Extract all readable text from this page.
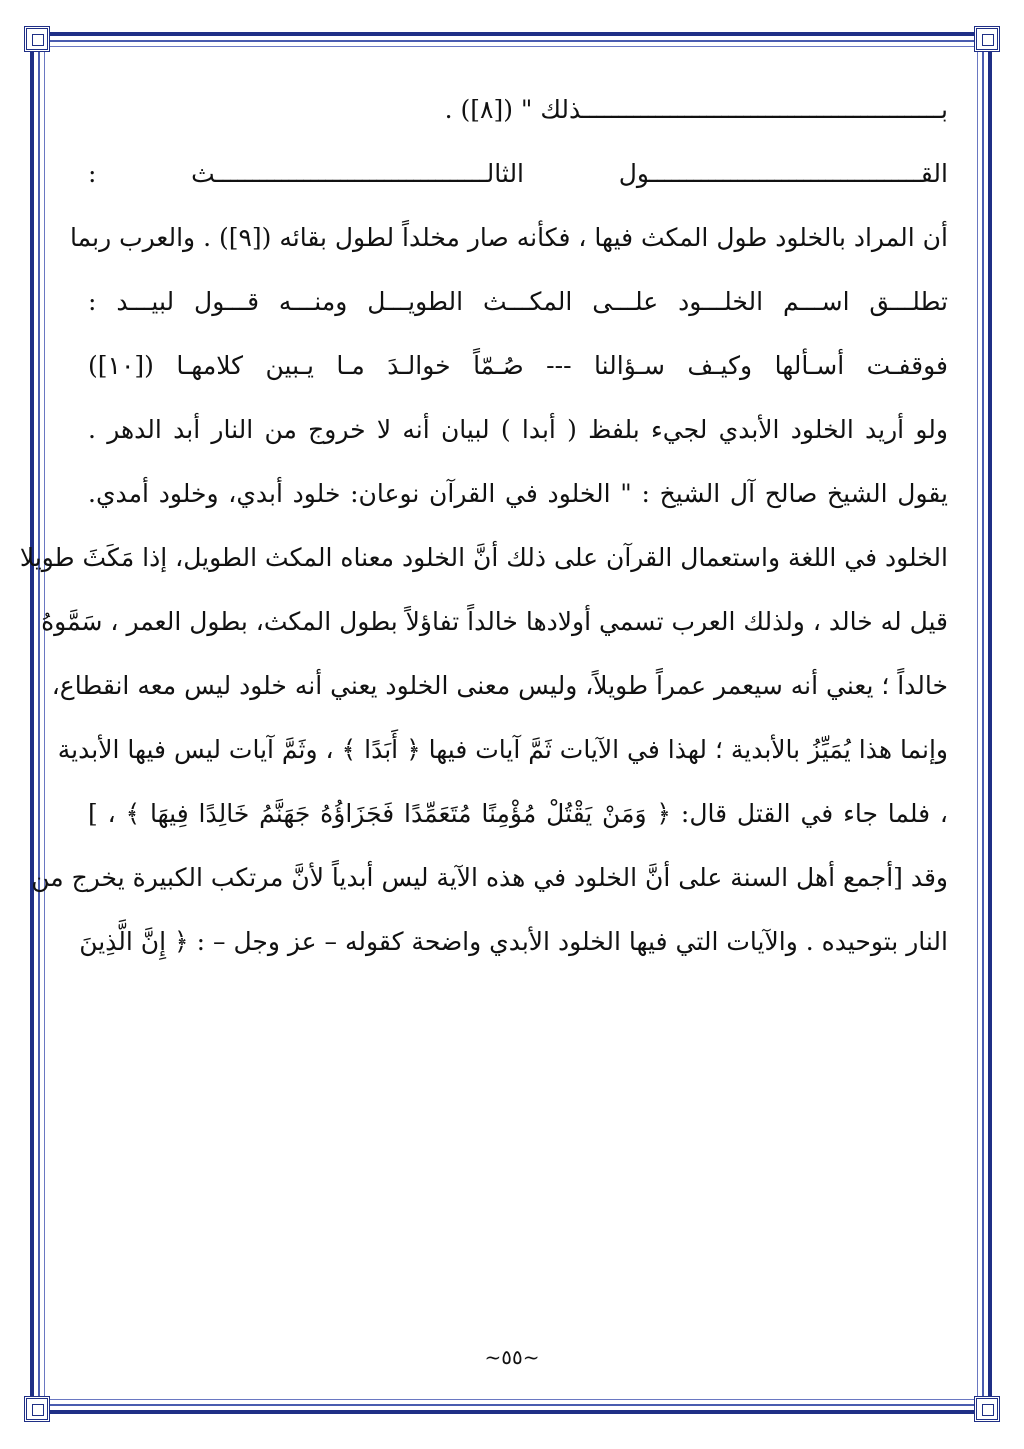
بـــــــــــــــــــــــــــــــــــــــــــــــــذلك " ([٨]) .
القـــــــــــــــــــــــــــــــــــــول الثالـــــــــــــــــــــــــــــــــــــث :
أن المراد بالخلود طول المكث فيها ، فكأنه صار مخلداً لطول بقائه ([٩]) . والعرب ربما
تطلـــق اســـم الخلـــود علـــى المكـــث الطويـــل ومنـــه قـــول لبيـــد :
فوقفـت أسـألها وكيـف سـؤالنا --- صُـمّاً خوالـدَ مـا يـبين كلامهـا ([١٠])
ولو أريد الخلود الأبدي لجيء بلفظ ( أبدا ) لبيان أنه لا خروج من النار أبد الدهر .
يقول الشيخ صالح آل الشيخ : " الخلود في القرآن نوعان: خلود أبدي، وخلود أمدي.
الخلود في اللغة واستعمال القرآن على ذلك أنَّ الخلود معناه المكث الطويل، إذا مَكَثَ طويلا
قيل له خالد ، ولذلك العرب تسمي أولادها خالداً تفاؤلاً بطول المكث، بطول العمر ، سَمَّوهُ
خالداً ؛ يعني أنه سيعمر عمراً طويلاً، وليس معنى الخلود يعني أنه خلود ليس معه انقطاع،
وإنما هذا يُمَيِّزُ بالأبدية ؛ لهذا في الآيات ثَمَّ آيات فيها ﴿ أَبَدًا ﴾ ، وثَمَّ آيات ليس فيها الأبدية
، فلما جاء في القتل قال: ﴿ وَمَنْ يَقْتُلْ مُؤْمِنًا مُتَعَمِّدًا فَجَزَاؤُهُ جَهَنَّمُ خَالِدًا فِيهَا ﴾ ، ]
وقد [أجمع أهل السنة على أنَّ الخلود في هذه الآية ليس أبدياً لأنَّ مرتكب الكبيرة يخرج من
النار بتوحيده . والآيات التي فيها الخلود الأبدي واضحة كقوله – عز وجل – : ﴿ إِنَّ الَّذِينَ
~٥٥~
